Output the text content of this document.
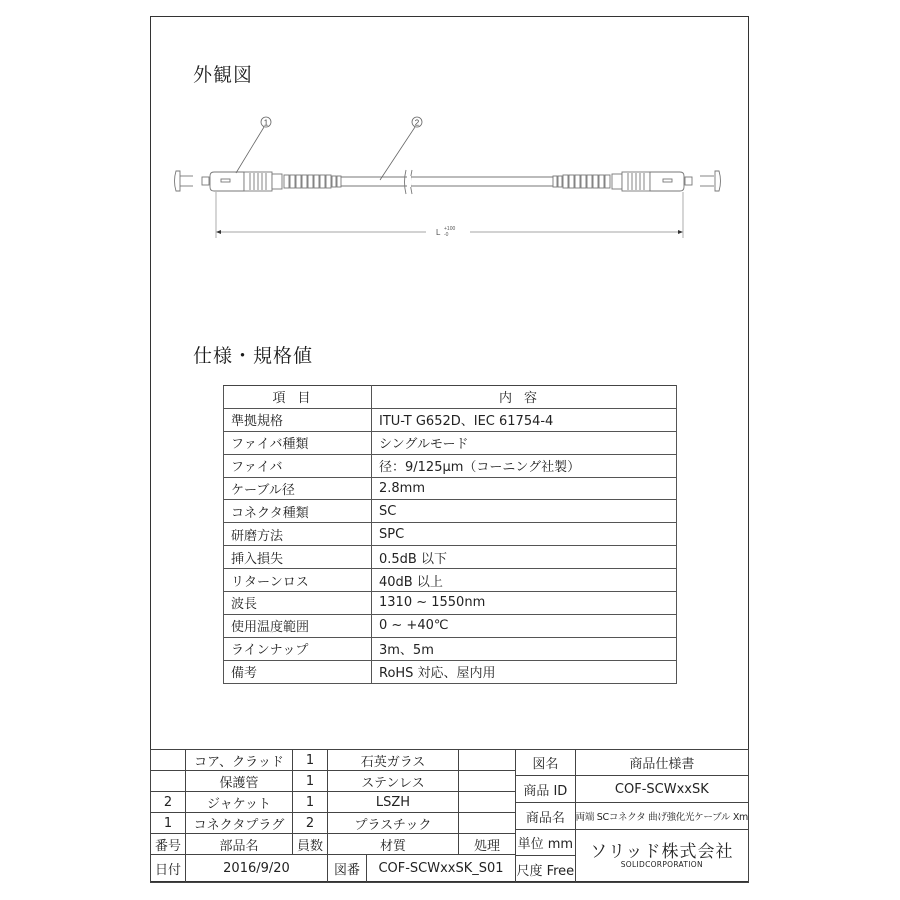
外観図
1	2
L +100
-0
仕様・規格値
項目	内容
準拠規格	ITU-T G652D、IEC 61754-4
ファイバ種類	シングルモード
ファイバ	径：9/125μm（コーニング社製）
ケーブル径	2.8mm
コネクタ種類	SC
研磨方法	SPC
挿入損失	0.5dB 以下
リターンロス	40dB 以上
波長	1310 ~ 1550nm
使用温度範囲	0 ~ +40℃
ラインナップ	3m、5m
備考	RoHS 対応、屋内用
	コア、クラッド	1	石英ガラス		
	保護管	1	ステンレス		
2	ジャケット	1	LSZH		
1	コネクタプラグ	2	プラスチック		
番号	部品名	員数	材質		処理
日付	2016/9/20		図番	COF-SCWxxSK_S01	
図名	商品仕様書
商品 ID	COF-SCWxxSK
商品名	両端 SCコネクタ 曲げ強化光ケーブル Xm
単位 mm	ソリッド株式会社
SOLIDCORPORATION

尺度 Free	
